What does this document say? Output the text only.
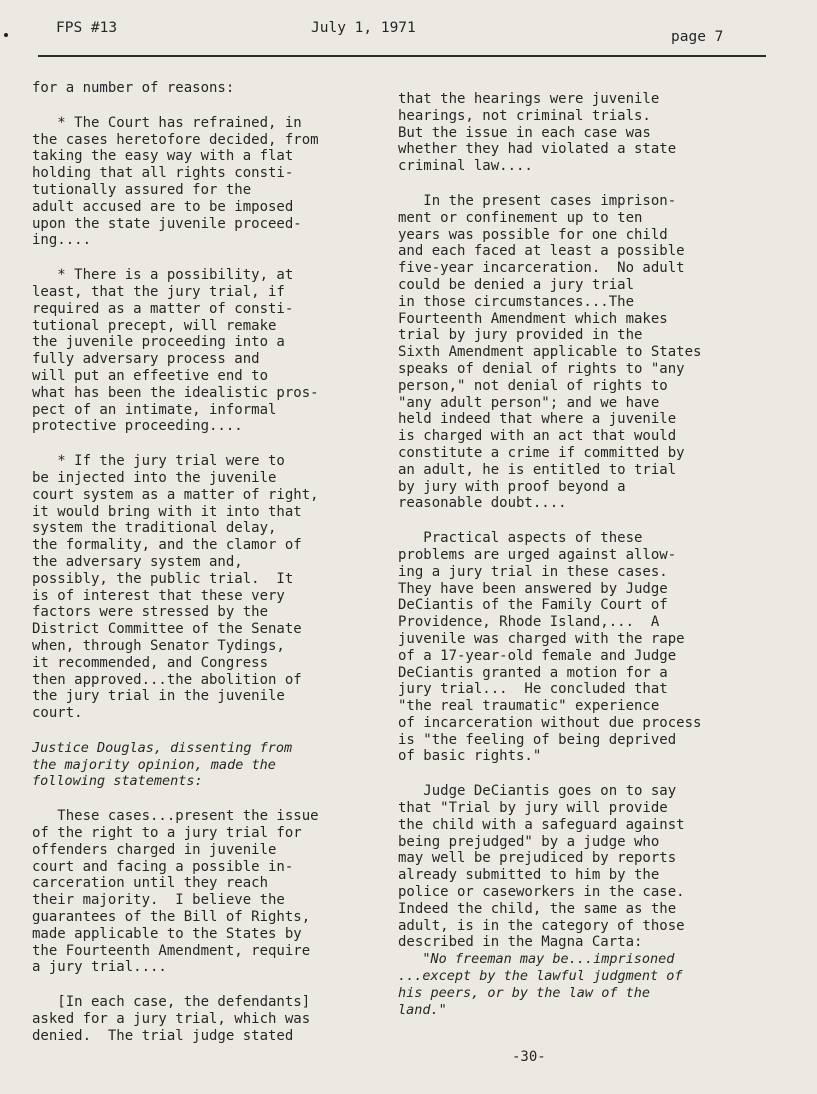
FPS #13	July 1, 1971
page 7

for a number of reasons:

* The Court has refrained, in
the cases heretofore decided, from
taking the easy way with a flat
holding that all rights consti-
tutionally assured for the
adult accused are to be imposed
upon the state juvenile proceed-
ing....

* There is a possibility, at
least, that the jury trial, if
required as a matter of consti-
tutional precept, will remake
the juvenile proceeding into a
fully adversary process and
will put an effeetive end to
what has been the idealistic pros-
pect of an intimate, informal
protective proceeding....

* If the jury trial were to
be injected into the juvenile
court system as a matter of right,
it would bring with it into that
system the traditional delay,
the formality, and the clamor of
the adversary system and,
possibly, the public trial.  It
is of interest that these very
factors were stressed by the
District Committee of the Senate
when, through Senator Tydings,
it recommended, and Congress
then approved...the abolition of
the jury trial in the juvenile
court.

Justice Douglas, dissenting from
the majority opinion, made the
following statements:

These cases...present the issue
of the right to a jury trial for
offenders charged in juvenile
court and facing a possible in-
carceration until they reach
their majority.  I believe the
guarantees of the Bill of Rights,
made applicable to the States by
the Fourteenth Amendment, require
a jury trial....

[In each case, the defendants]
asked for a jury trial, which was
denied.  The trial judge stated

that the hearings were juvenile
hearings, not criminal trials.
But the issue in each case was
whether they had violated a state
criminal law....

In the present cases imprison-
ment or confinement up to ten
years was possible for one child
and each faced at least a possible
five-year incarceration.  No adult
could be denied a jury trial
in those circumstances...The
Fourteenth Amendment which makes
trial by jury provided in the
Sixth Amendment applicable to States
speaks of denial of rights to "any
person," not denial of rights to
"any adult person"; and we have
held indeed that where a juvenile
is charged with an act that would
constitute a crime if committed by
an adult, he is entitled to trial
by jury with proof beyond a
reasonable doubt....

Practical aspects of these
problems are urged against allow-
ing a jury trial in these cases.
They have been answered by Judge
DeCiantis of the Family Court of
Providence, Rhode Island,...  A
juvenile was charged with the rape
of a 17-year-old female and Judge
DeCiantis granted a motion for a
jury trial...  He concluded that
"the real traumatic" experience
of incarceration without due process
is "the feeling of being deprived
of basic rights."

Judge DeCiantis goes on to say
that "Trial by jury will provide
the child with a safeguard against
being prejudged" by a judge who
may well be prejudiced by reports
already submitted to him by the
police or caseworkers in the case.
Indeed the child, the same as the
adult, is in the category of those
described in the Magna Carta:

"No freeman may be...imprisoned
...except by the lawful judgment of
his peers, or by the law of the
land."

-30-
